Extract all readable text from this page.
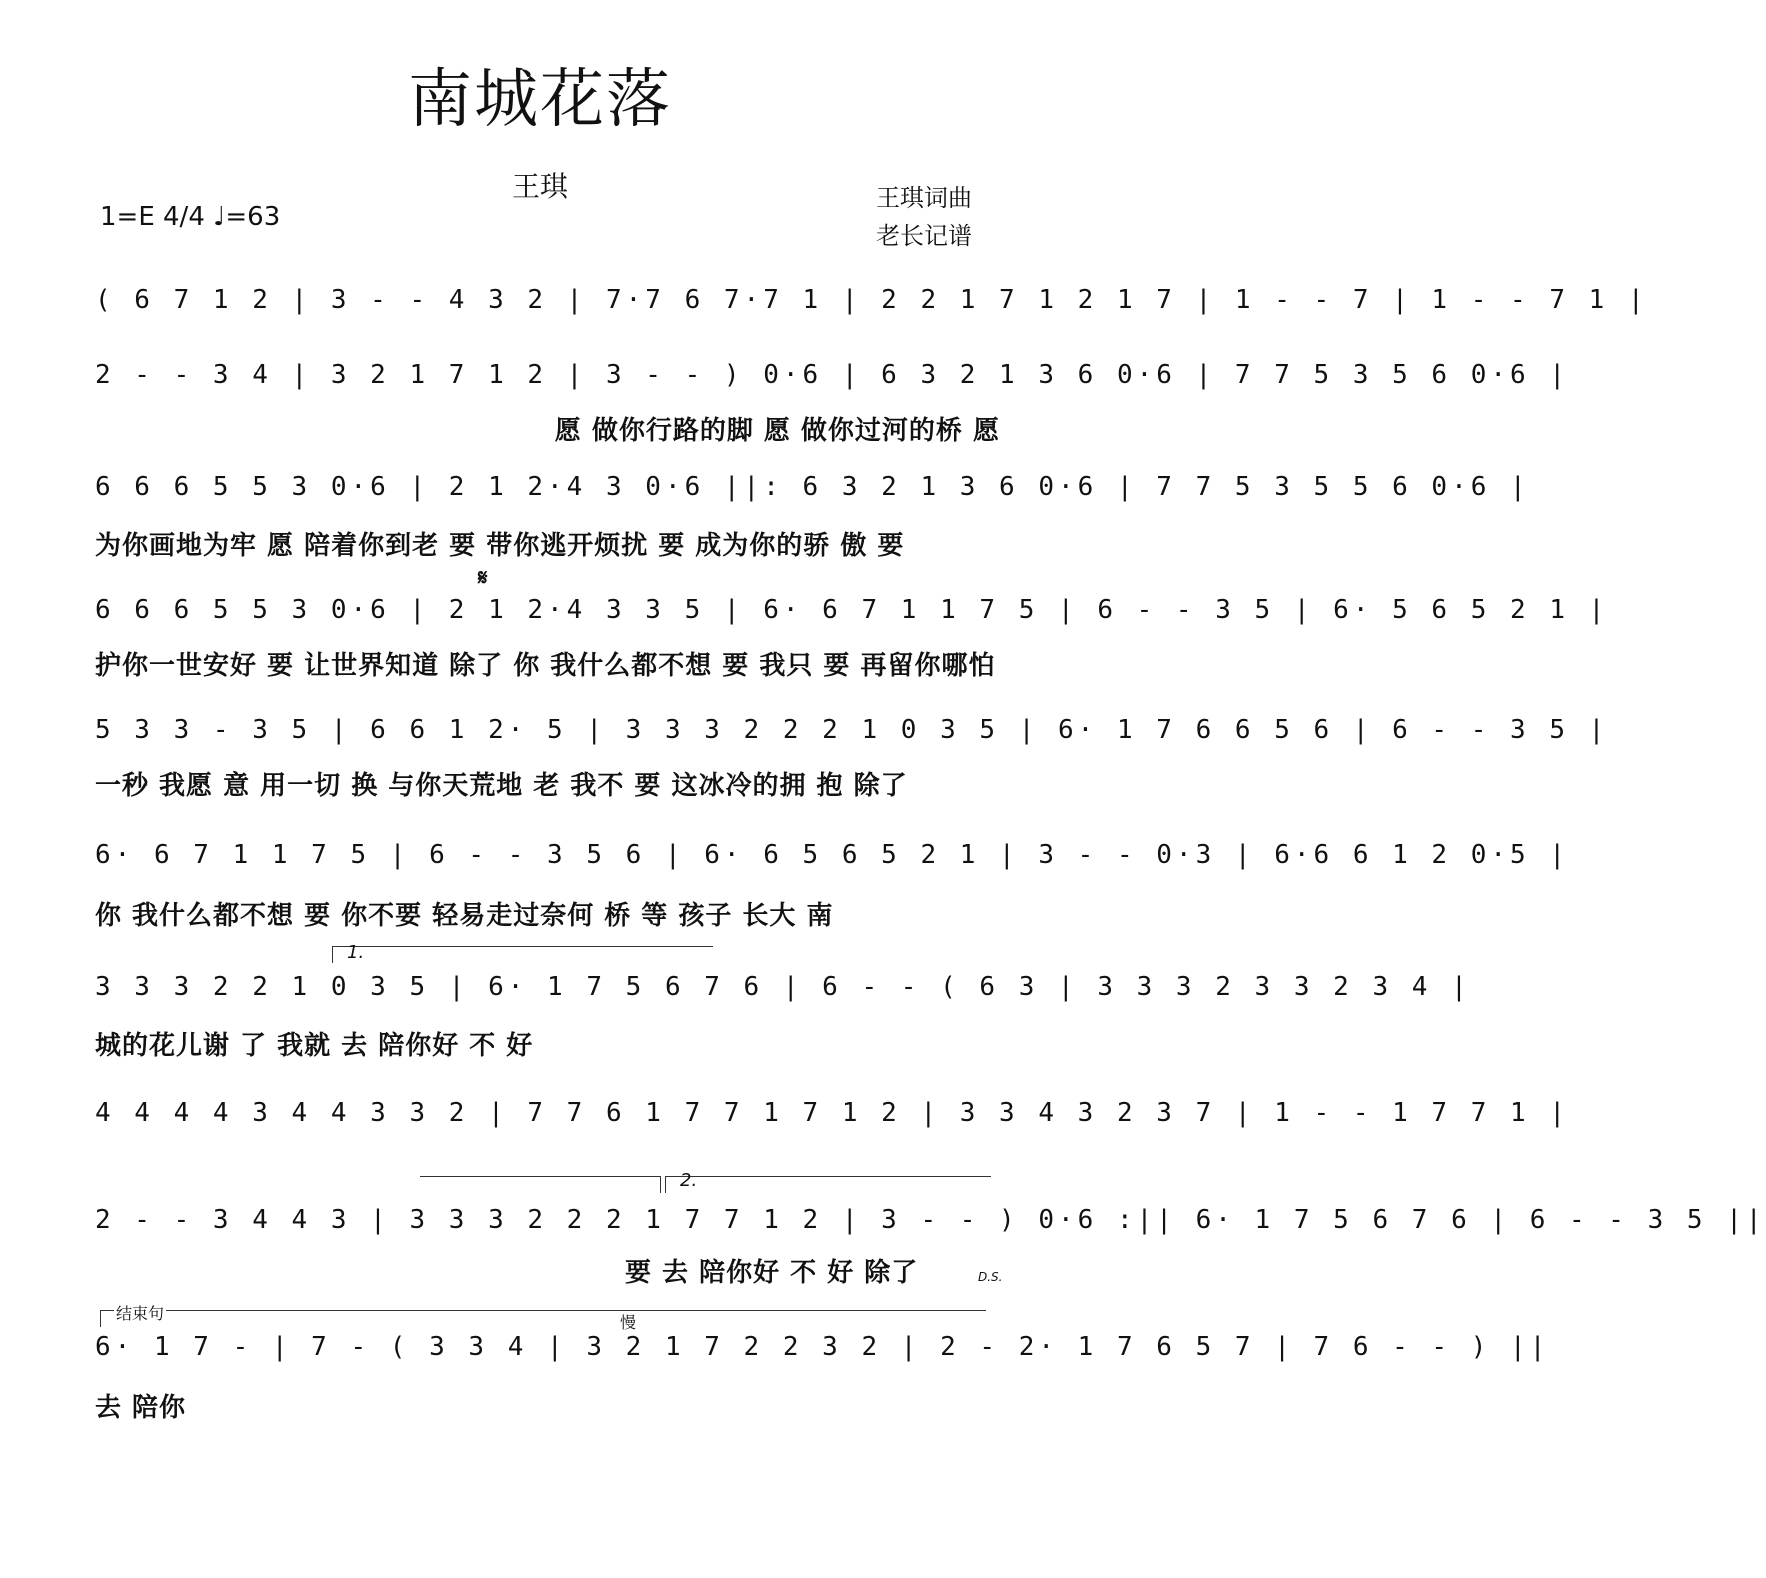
南城花落
王琪	王琪词曲
老长记谱
1=E 4/4 ♩=63
( 6 7 1 2 | 3 - - 4 3 2 | 7·7 6 7·7 1 | 2 2 1 7 1 2 1 7 | 1 - - 7 | 1 - - 7 1 |
2 - - 3 4 | 3 2 1 7 1 2 | 3 - - ) 0·6 | 6 3 2 1 3 6 0·6 | 7 7 5 3 5 6 0·6 |
愿 做你行路的脚 愿 做你过河的桥 愿
6 6 6 5 5 3 0·6 | 2 1 2·4 3 0·6 ||: 6 3 2 1 3 6 0·6 | 7 7 5 3 5 5 6 0·6 |
为你画地为牢 愿 陪着你到老 要 带你逃开烦扰 要 成为你的骄 傲 要
𝄋
6 6 6 5 5 3 0·6 | 2 1 2·4 3 3 5 | 6· 6 7 1 1 7 5 | 6 - - 3 5 | 6· 5 6 5 2 1 |
护你一世安好 要 让世界知道 除了 你 我什么都不想 要 我只 要 再留你哪怕
5 3 3 - 3 5 | 6 6 1 2· 5 | 3 3 3 2 2 2 1 0 3 5 | 6· 1 7 6 6 5 6 | 6 - - 3 5 |
一秒 我愿 意 用一切 换 与你天荒地 老 我不 要 这冰冷的拥 抱 除了
6· 6 7 1 1 7 5 | 6 - - 3 5 6 | 6· 6 5 6 5 2 1 | 3 - - 0·3 | 6·6 6 1 2 0·5 |
你 我什么都不想 要 你不要 轻易走过奈何 桥 等 孩子 长大 南
1.
3 3 3 2 2 1 0 3 5 | 6· 1 7 5 6 7 6 | 6 - - ( 6 3 | 3 3 3 2 3 3 2 3 4 |
城的花儿谢 了 我就 去 陪你好 不 好
4 4 4 4 3 4 4 3 3 2 | 7 7 6 1 7 7 1 7 1 2 | 3 3 4 3 2 3 7 | 1 - - 1 7 7 1 |
2.
2 - - 3 4 4 3 | 3 3 3 2 2 2 1 7 7 1 2 | 3 - - ) 0·6 :|| 6· 1 7 5 6 7 6 | 6 - - 3 5 ||
要 去 陪你好 不 好 除了	D.S.
结束句	慢
6· 1 7 - | 7 - ( 3 3 4 | 3 2 1 7 2 2 3 2 | 2 - 2· 1 7 6 5 7 | 7 6 - - ) ||
去 陪你
